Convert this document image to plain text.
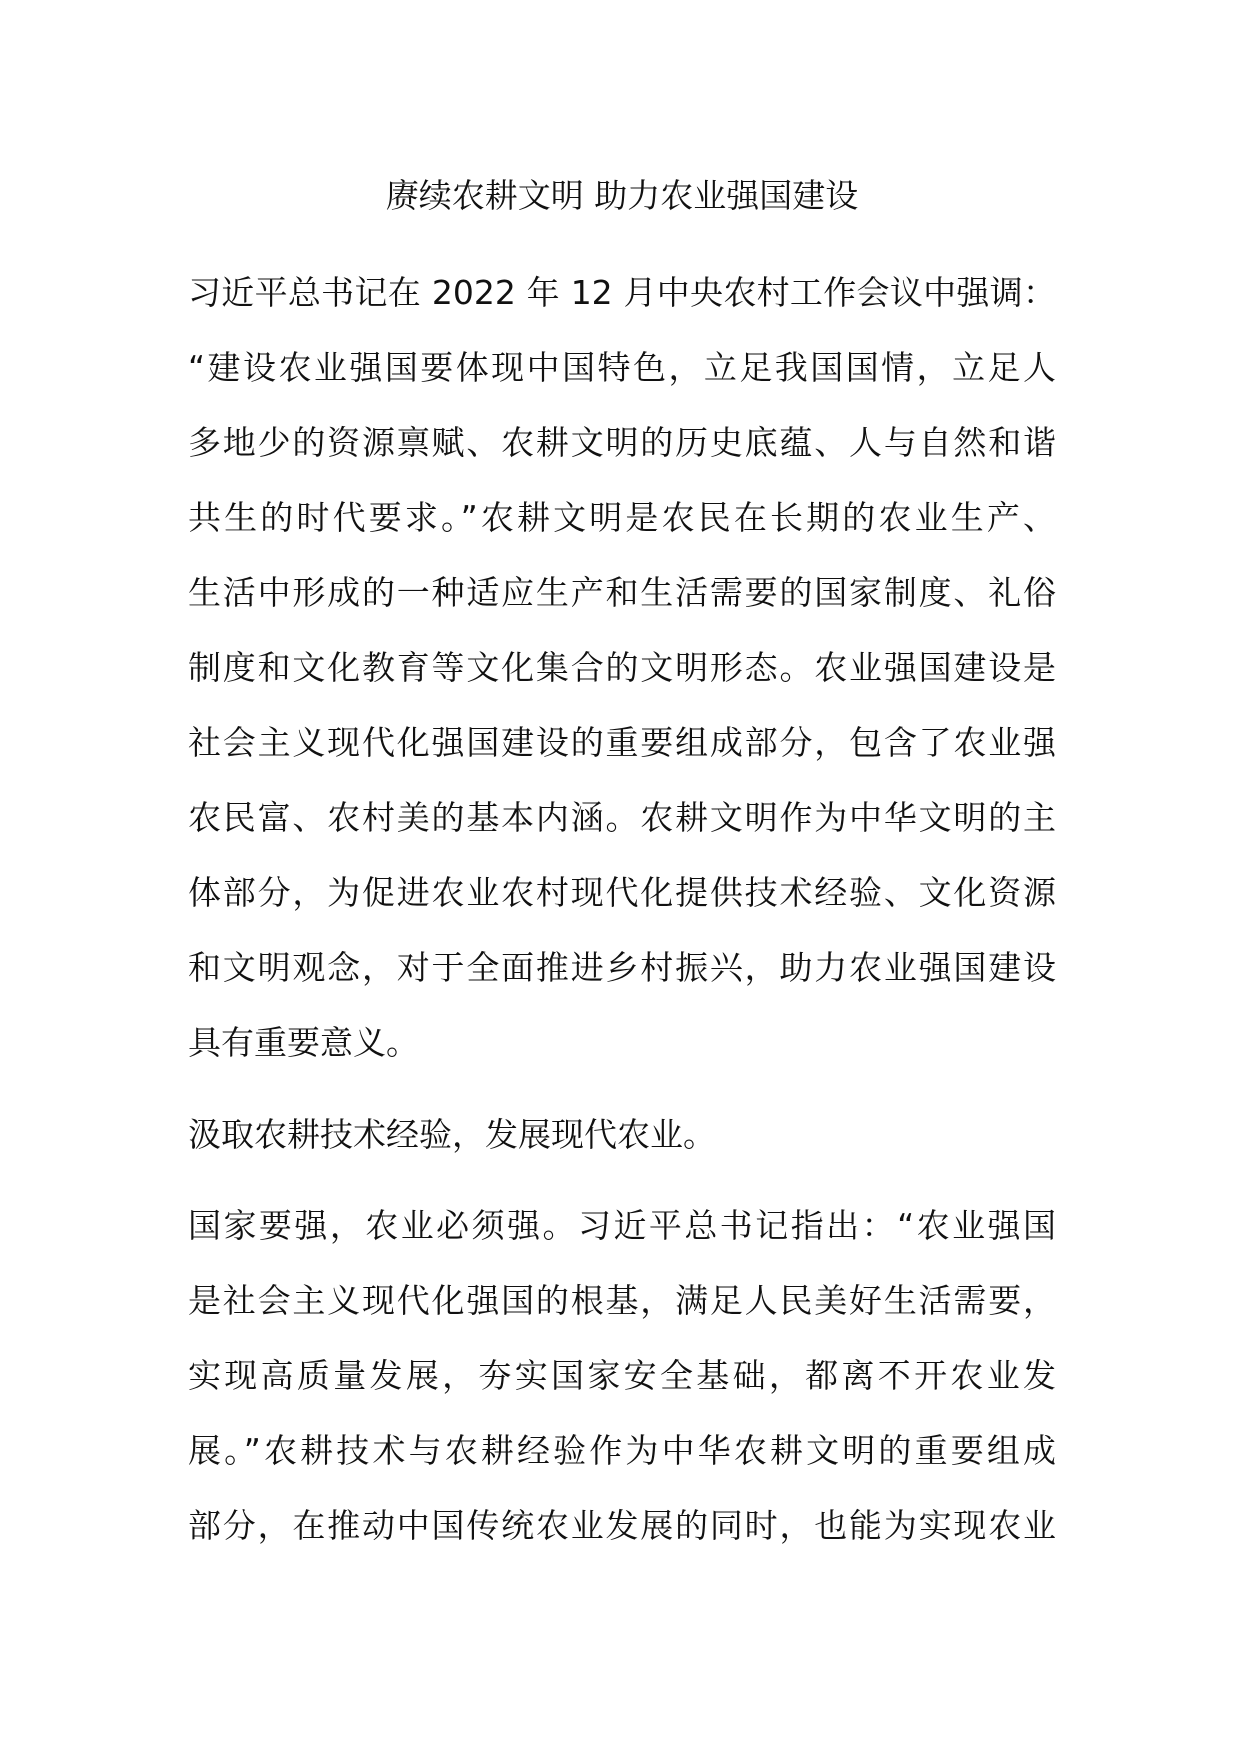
赓续农耕文明 助力农业强国建设
习近平总书记在 2022 年 12 月中央农村工作会议中强调：
“建设农业强国要体现中国特色，立足我国国情，立足人
多地少的资源禀赋、农耕文明的历史底蕴、人与自然和谐
共生的时代要求。”农耕文明是农民在长期的农业生产、
生活中形成的一种适应生产和生活需要的国家制度、礼俗
制度和文化教育等文化集合的文明形态。农业强国建设是
社会主义现代化强国建设的重要组成部分，包含了农业强
农民富、农村美的基本内涵。农耕文明作为中华文明的主
体部分，为促进农业农村现代化提供技术经验、文化资源
和文明观念，对于全面推进乡村振兴，助力农业强国建设
具有重要意义。
汲取农耕技术经验，发展现代农业。
国家要强，农业必须强。习近平总书记指出：“农业强国
是社会主义现代化强国的根基，满足人民美好生活需要，
实现高质量发展，夯实国家安全基础，都离不开农业发
展。”农耕技术与农耕经验作为中华农耕文明的重要组成
部分，在推动中国传统农业发展的同时，也能为实现农业
